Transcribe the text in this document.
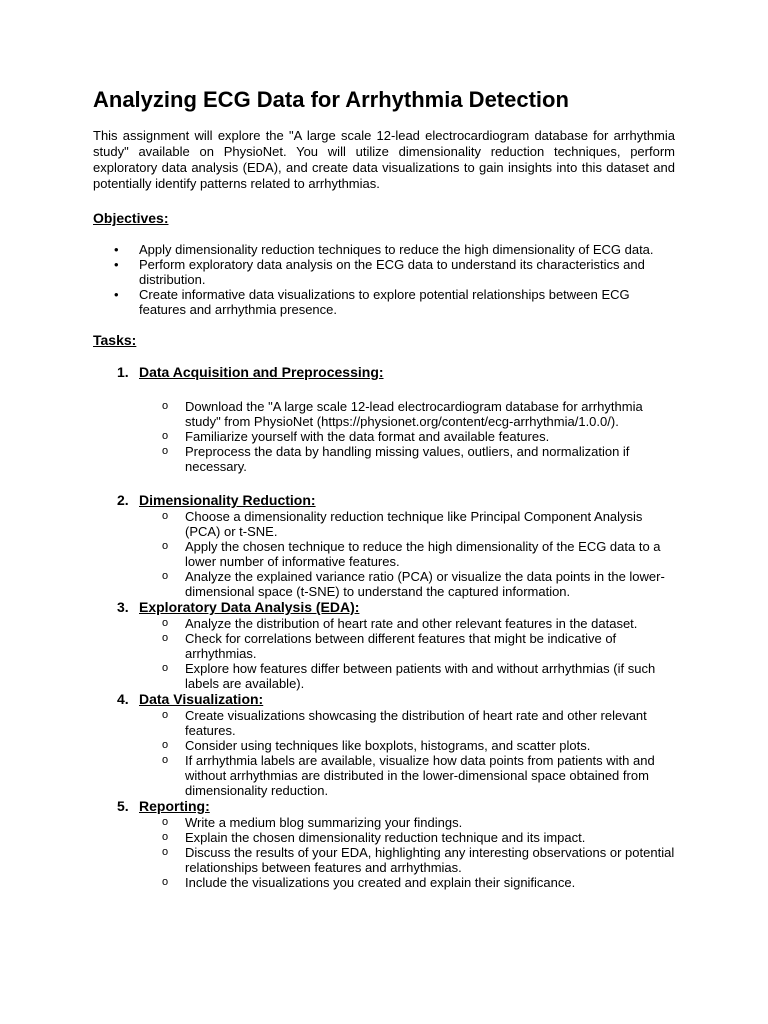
Analyzing ECG Data for Arrhythmia Detection

This assignment will explore the "A large scale 12-lead electrocardiogram database for arrhythmia study" available on PhysioNet. You will utilize dimensionality reduction techniques, perform exploratory data analysis (EDA), and create data visualizations to gain insights into this dataset and potentially identify patterns related to arrhythmias.

Objectives:
• Apply dimensionality reduction techniques to reduce the high dimensionality of ECG data.
• Perform exploratory data analysis on the ECG data to understand its characteristics and distribution.
• Create informative data visualizations to explore potential relationships between ECG features and arrhythmia presence.
Tasks:
1. Data Acquisition and Preprocessing:
o Download the "A large scale 12-lead electrocardiogram database for arrhythmia study" from PhysioNet (https://physionet.org/content/ecg-arrhythmia/1.0.0/).
o Familiarize yourself with the data format and available features.
o Preprocess the data by handling missing values, outliers, and normalization if necessary.
2. Dimensionality Reduction:
o Choose a dimensionality reduction technique like Principal Component Analysis (PCA) or t-SNE.
o Apply the chosen technique to reduce the high dimensionality of the ECG data to a lower number of informative features.
o Analyze the explained variance ratio (PCA) or visualize the data points in the lower-dimensional space (t-SNE) to understand the captured information.
3. Exploratory Data Analysis (EDA):
o Analyze the distribution of heart rate and other relevant features in the dataset.
o Check for correlations between different features that might be indicative of arrhythmias.
o Explore how features differ between patients with and without arrhythmias (if such labels are available).
4. Data Visualization:
o Create visualizations showcasing the distribution of heart rate and other relevant features.
o Consider using techniques like boxplots, histograms, and scatter plots.
o If arrhythmia labels are available, visualize how data points from patients with and without arrhythmias are distributed in the lower-dimensional space obtained from dimensionality reduction.
5. Reporting:
o Write a medium blog summarizing your findings.
o Explain the chosen dimensionality reduction technique and its impact.
o Discuss the results of your EDA, highlighting any interesting observations or potential relationships between features and arrhythmias.
o Include the visualizations you created and explain their significance.
